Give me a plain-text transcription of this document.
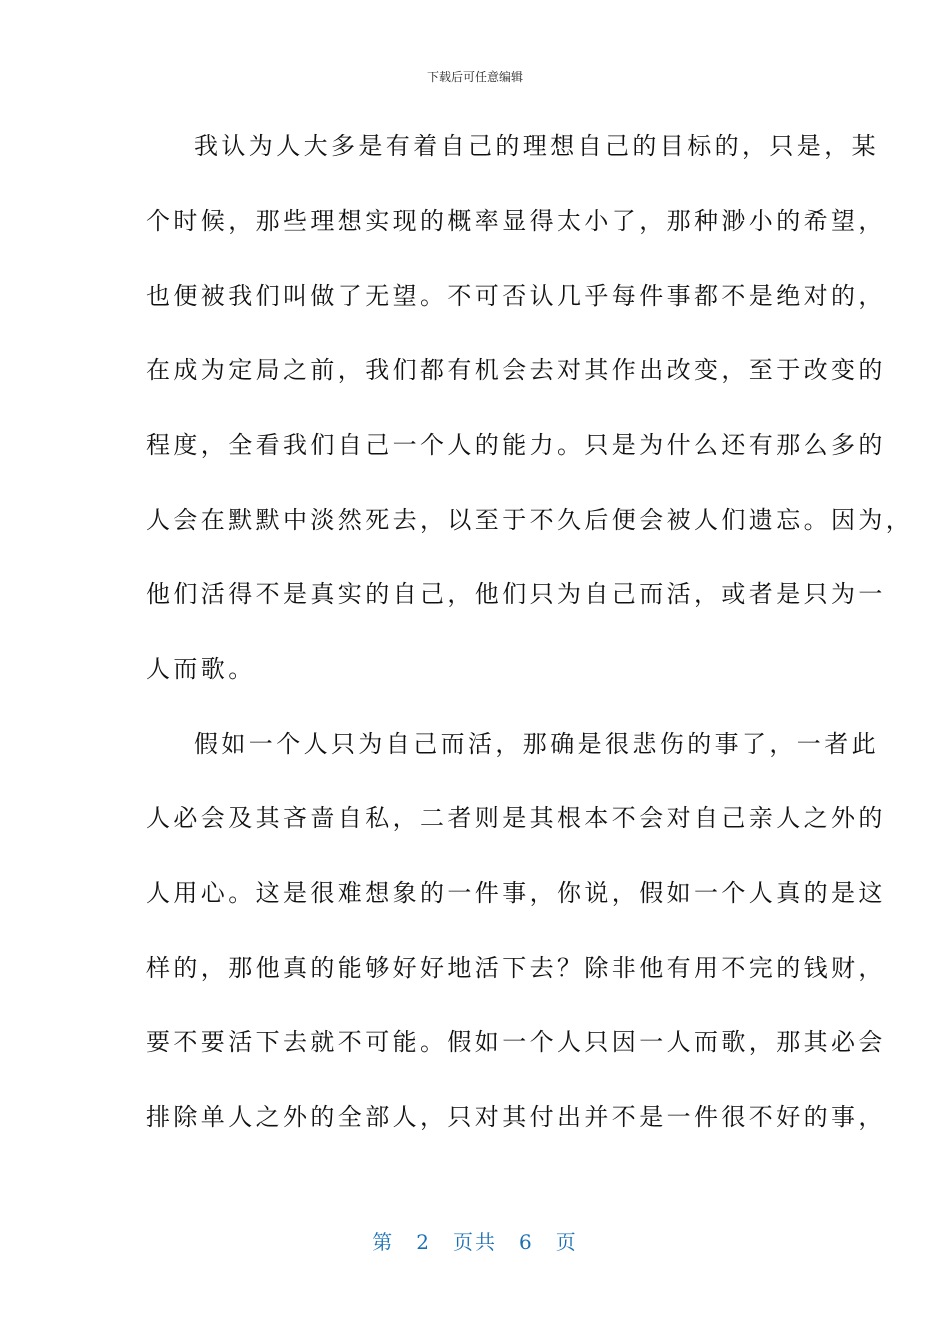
下载后可任意编辑
我认为人大多是有着自己的理想自己的目标的，只是，某
个时候，那些理想实现的概率显得太小了，那种渺小的希望，
也便被我们叫做了无望。不可否认几乎每件事都不是绝对的，
在成为定局之前，我们都有机会去对其作出改变，至于改变的
程度，全看我们自己一个人的能力。只是为什么还有那么多的
人会在默默中淡然死去，以至于不久后便会被人们遗忘。因为，
他们活得不是真实的自己，他们只为自己而活，或者是只为一
人而歌。
假如一个人只为自己而活，那确是很悲伤的事了，一者此
人必会及其吝啬自私，二者则是其根本不会对自己亲人之外的
人用心。这是很难想象的一件事，你说，假如一个人真的是这
样的，那他真的能够好好地活下去？除非他有用不完的钱财，
要不要活下去就不可能。假如一个人只因一人而歌，那其必会
排除单人之外的全部人，只对其付出并不是一件很不好的事，
第 2 页共 6 页
